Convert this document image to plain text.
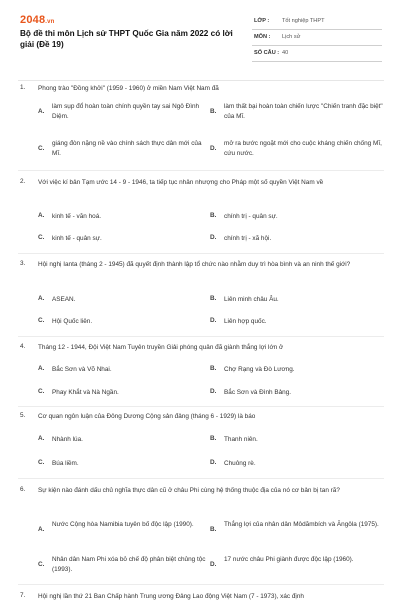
2048.vn
Bộ đề thi môn Lịch sử THPT Quốc Gia năm 2022 có lời giải (Đề 19)
LỚP : Tốt nghiệp THPT
MÔN : Lịch sử
SỐ CÂU : 40
1. Phong trào "Đồng khởi" (1959 - 1960) ở miền Nam Việt Nam đã
A.
làm sụp đổ hoàn toàn chính quyền tay sai Ngô Đình Diệm.
B.
làm thất bại hoàn toàn chiến lược "Chiến tranh đặc biệt" của Mĩ.
C.
giáng đòn nặng nề vào chính sách thực dân mới của Mĩ.
D.
mở ra bước ngoặt mới cho cuộc kháng chiến chống Mĩ, cứu nước.
2. Với việc kí bản Tạm ước 14 - 9 - 1946, ta tiếp tục nhân nhượng cho Pháp một số quyền Việt Nam về
A. kinh tế - văn hoá.	B. chính trị - quân sự.
C. kinh tế - quân sự.	D. chính trị - xã hội.
3. Hội nghị Ianta (tháng 2 - 1945) đã quyết định thành lập tổ chức nào nhằm duy trì hòa bình và an ninh thế giới?
A. ASEAN.	B. Liên minh châu Âu.
C. Hội Quốc liên.	D. Liên hợp quốc.
4. Tháng 12 - 1944, Đội Việt Nam Tuyên truyền Giải phóng quân đã giành thắng lợi lớn ở
A. Bắc Sơn và Võ Nhai.	B. Chợ Rạng và Đò Lương.
C. Phay Khắt và Nà Ngần.	D. Bắc Sơn và Đình Bảng.
5. Cơ quan ngôn luận của Đông Dương Cộng sản đảng (tháng 6 - 1929) là báo
A. Nhành lúa.	B. Thanh niên.
C. Búa liềm.	D. Chuông rè.
6. Sự kiện nào đánh dấu chủ nghĩa thực dân cũ ở châu Phi cùng hệ thống thuộc địa của nó cơ bản bị tan rã?
A.
Nước Cộng hòa Namibia tuyên bố độc lập (1990).
B.
Thắng lợi của nhân dân Môdămbích và Ăngôla (1975).
C.
Nhân dân Nam Phi xóa bỏ chế độ phân biệt chủng tộc (1993).
D.
17 nước châu Phi giành được độc lập (1960).
7. Hội nghị lần thứ 21 Ban Chấp hành Trung ương Đảng Lao động Việt Nam (7 - 1973), xác định
